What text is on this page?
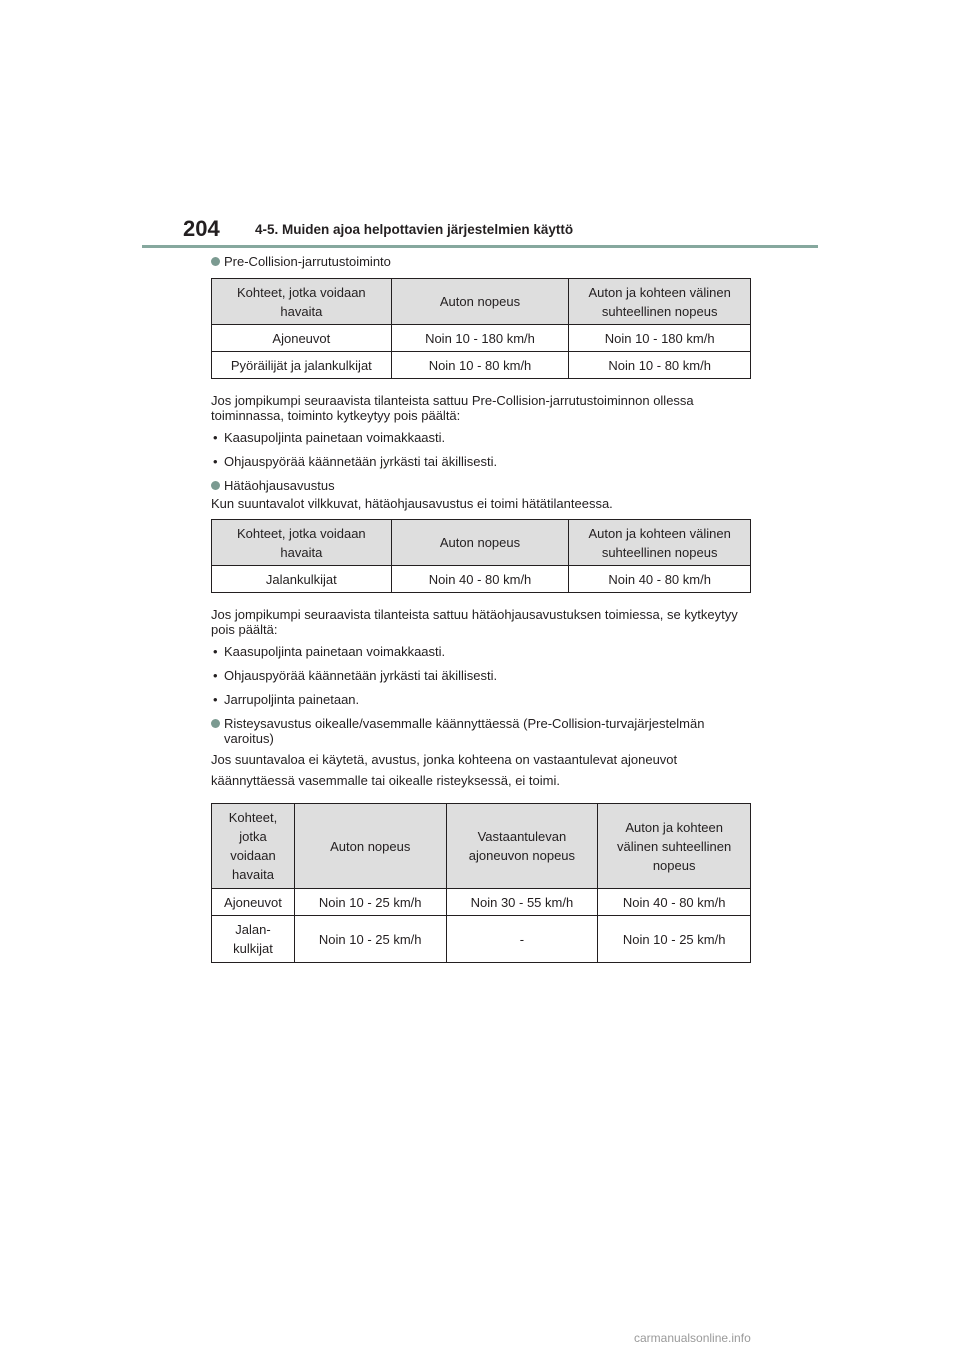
204	4-5. Muiden ajoa helpottavien järjestelmien käyttö
Pre-Collision-jarrutustoiminto
Kohteet, jotka voidaan havaita	Auton nopeus	Auton ja kohteen välinen suhteellinen nopeus
Ajoneuvot	Noin 10 - 180 km/h	Noin 10 - 180 km/h
Pyöräilijät ja jalankulkijat	Noin 10 - 80 km/h	Noin 10 - 80 km/h

Jos jompikumpi seuraavista tilanteista sattuu Pre-Collision-jarrutustoiminnon ollessa toiminnassa, toiminto kytkeytyy pois päältä:

• Kaasupoljinta painetaan voimakkaasti.
• Ohjauspyörää käännetään jyrkästi tai äkillisesti.
Hätäohjausavustus

Kun suuntavalot vilkkuvat, hätäohjausavustus ei toimi hätätilanteessa.

Kohteet, jotka voidaan havaita	Auton nopeus	Auton ja kohteen välinen suhteellinen nopeus
Jalankulkijat	Noin 40 - 80 km/h	Noin 40 - 80 km/h

Jos jompikumpi seuraavista tilanteista sattuu hätäohjausavustuksen toimiessa, se kytkeytyy pois päältä:

• Kaasupoljinta painetaan voimakkaasti.
• Ohjauspyörää käännetään jyrkästi tai äkillisesti.
• Jarrupoljinta painetaan.
Risteysavustus oikealle/vasemmalle käännyttäessä (Pre-Collision-turvajärjestelmän varoitus)

Jos suuntavaloa ei käytetä, avustus, jonka kohteena on vastaantulevat ajoneuvot

käännyttäessä vasemmalle tai oikealle risteyksessä, ei toimi.

Kohteet, jotka voidaan havaita	Auton nopeus	Vastaantulevan ajoneuvon nopeus	Auton ja kohteen välinen suhteellinen nopeus
Ajoneuvot	Noin 10 - 25 km/h	Noin 30 - 55 km/h	Noin 40 - 80 km/h
Jalan-kulkijat	Noin 10 - 25 km/h	-	Noin 10 - 25 km/h
carmanualsonline.info
